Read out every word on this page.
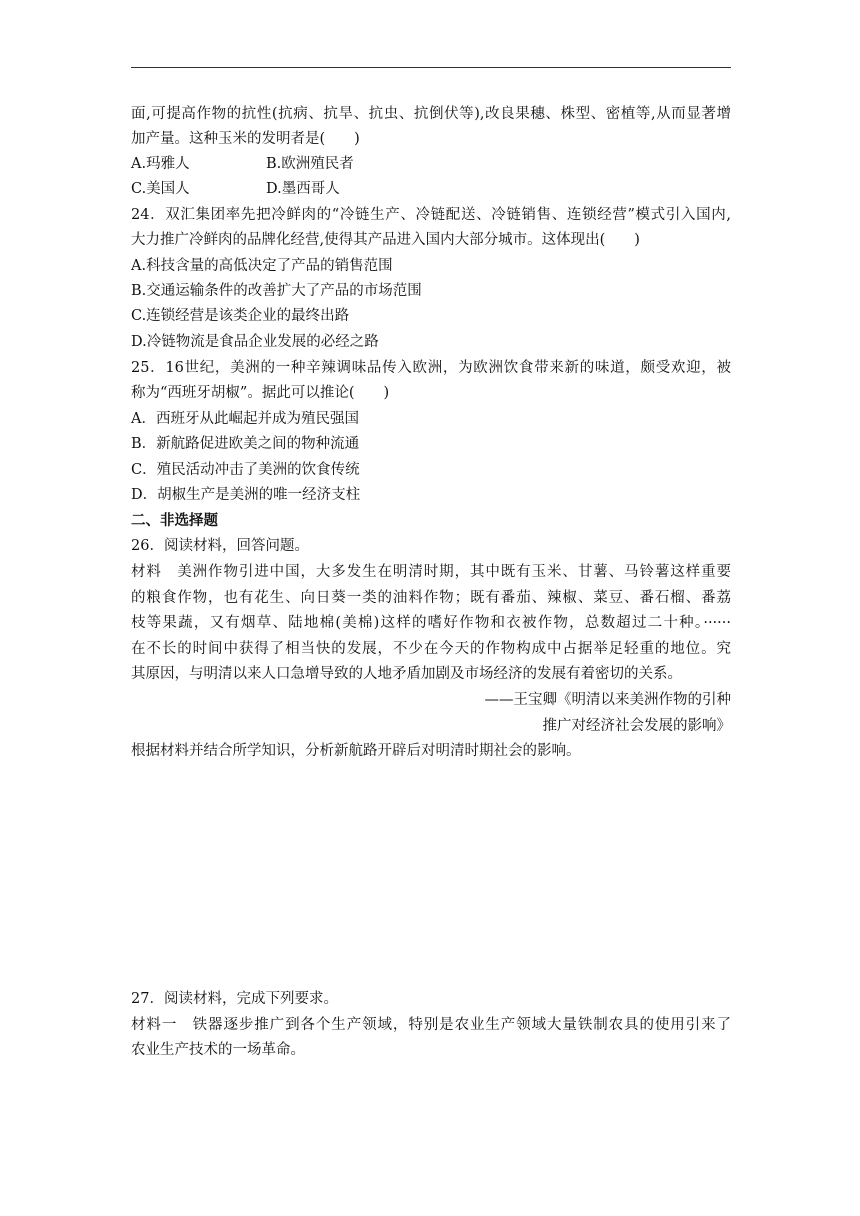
面,可提高作物的抗性(抗病、抗旱、抗虫、抗倒伏等),改良果穗、株型、密植等,从而显著增
加产量。这种玉米的发明者是(　　)
A.玛雅人	B.欧洲殖民者
C.美国人	D.墨西哥人
24．双汇集团率先把冷鲜肉的“冷链生产、冷链配送、冷链销售、连锁经营”模式引入国内,
大力推广冷鲜肉的品牌化经营,使得其产品进入国内大部分城市。这体现出(　　)
A.科技含量的高低决定了产品的销售范围
B.交通运输条件的改善扩大了产品的市场范围
C.连锁经营是该类企业的最终出路
D.冷链物流是食品企业发展的必经之路
25．16世纪，美洲的一种辛辣调味品传入欧洲，为欧洲饮食带来新的味道，颇受欢迎，被
称为“西班牙胡椒”。据此可以推论(　　)
A．西班牙从此崛起并成为殖民强国
B．新航路促进欧美之间的物种流通
C．殖民活动冲击了美洲的饮食传统
D．胡椒生产是美洲的唯一经济支柱
二、非选择题
26．阅读材料，回答问题。
材料　美洲作物引进中国，大多发生在明清时期，其中既有玉米、甘薯、马铃薯这样重要
的粮食作物，也有花生、向日葵一类的油料作物；既有番茄、辣椒、菜豆、番石榴、番荔
枝等果蔬，又有烟草、陆地棉(美棉)这样的嗜好作物和衣被作物，总数超过二十种。······
在不长的时间中获得了相当快的发展，不少在今天的作物构成中占据举足轻重的地位。究
其原因，与明清以来人口急增导致的人地矛盾加剧及市场经济的发展有着密切的关系。
——王宝卿《明清以来美洲作物的引种
推广对经济社会发展的影响》
根据材料并结合所学知识，分析新航路开辟后对明清时期社会的影响。
27．阅读材料，完成下列要求。
材料一　铁器逐步推广到各个生产领域，特别是农业生产领域大量铁制农具的使用引来了
农业生产技术的一场革命。
